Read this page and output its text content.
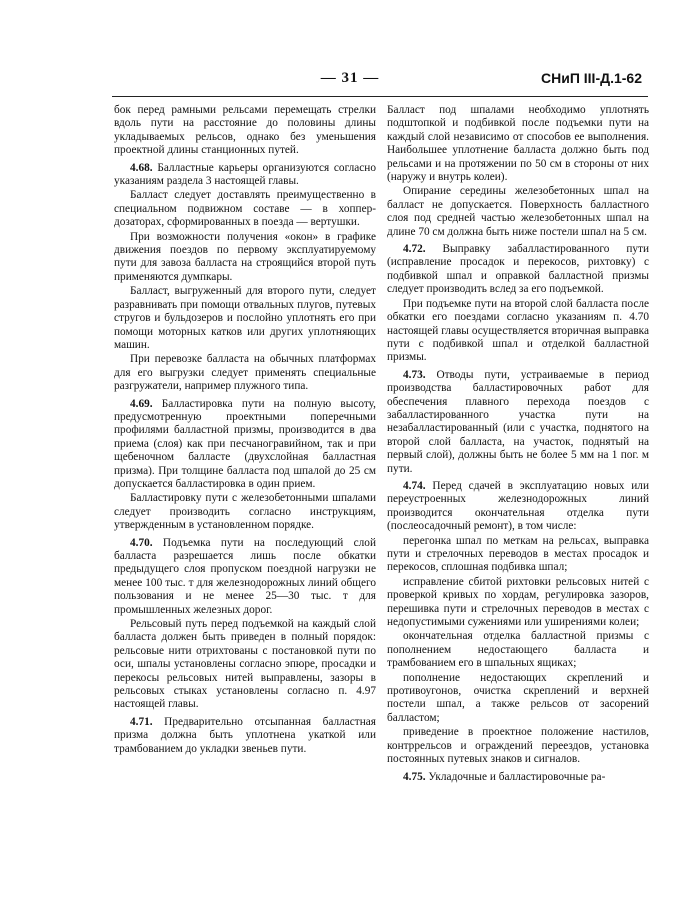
— 31 —	СНиП III-Д.1-62

бок перед рамными рельсами перемещать стрелки вдоль пути на расстояние до половины длины укладываемых рельсов, однако без уменьшения проектной длины станционных путей.

4.68. Балластные карьеры организуются согласно указаниям раздела 3 настоящей главы.

Балласт следует доставлять преимущественно в специальном подвижном составе — в хоппер-дозаторах, сформированных в поезда — вертушки.

При возможности получения «окон» в графике движения поездов по первому эксплуатируемому пути для завоза балласта на строящийся второй путь применяются думпкары.

Балласт, выгруженный для второго пути, следует разравнивать при помощи отвальных плугов, путевых стругов и бульдозеров и послойно уплотнять его при помощи моторных катков или других уплотняющих машин.

При перевозке балласта на обычных платформах для его выгрузки следует применять специальные разгружатели, например плужного типа.

4.69. Балластировка пути на полную высоту, предусмотренную проектными поперечными профилями балластной призмы, производится в два приема (слоя) как при песчаногравийном, так и при щебеночном балласте (двухслойная балластная призма). При толщине балласта под шпалой до 25 см допускается балластировка в один прием.

Балластировку пути с железобетонными шпалами следует производить согласно инструкциям, утвержденным в установленном порядке.

4.70. Подъемка пути на последующий слой балласта разрешается лишь после обкатки предыдущего слоя пропуском поездной нагрузки не менее 100 тыс. т для железнодорожных линий общего пользования и не менее 25—30 тыс. т для промышленных железных дорог.

Рельсовый путь перед подъемкой на каждый слой балласта должен быть приведен в полный порядок: рельсовые нити отрихтованы с постановкой пути по оси, шпалы установлены согласно эпюре, просадки и перекосы рельсовых нитей выправлены, зазоры в рельсовых стыках установлены согласно п. 4.97 настоящей главы.

4.71. Предварительно отсыпанная балластная призма должна быть уплотнена укаткой или трамбованием до укладки звеньев пути.

Балласт под шпалами необходимо уплотнять подштопкой и подбивкой после подъемки пути на каждый слой независимо от способов ее выполнения. Наибольшее уплотнение балласта должно быть под рельсами и на протяжении по 50 см в стороны от них (наружу и внутрь колеи).

Опирание середины железобетонных шпал на балласт не допускается. Поверхность балластного слоя под средней частью железобетонных шпал на длине 70 см должна быть ниже постели шпал на 5 см.

4.72. Выправку забалластированного пути (исправление просадок и перекосов, рихтовку) с подбивкой шпал и оправкой балластной призмы следует производить вслед за его подъемкой.

При подъемке пути на второй слой балласта после обкатки его поездами согласно указаниям п. 4.70 настоящей главы осуществляется вторичная выправка пути с подбивкой шпал и отделкой балластной призмы.

4.73. Отводы пути, устраиваемые в период производства балластировочных работ для обеспечения плавного перехода поездов с забалластированного участка пути на незабалластированный (или с участка, поднятого на второй слой балласта, на участок, поднятый на первый слой), должны быть не более 5 мм на 1 пог. м пути.

4.74. Перед сдачей в эксплуатацию новых или переустроенных железнодорожных линий производится окончательная отделка пути (послеосадочный ремонт), в том числе:

перегонка шпал по меткам на рельсах, выправка пути и стрелочных переводов в местах просадок и перекосов, сплошная подбивка шпал;

исправление сбитой рихтовки рельсовых нитей с проверкой кривых по хордам, регулировка зазоров, перешивка пути и стрелочных переводов в местах с недопустимыми сужениями или уширениями колеи;

окончательная отделка балластной призмы с пополнением недостающего балласта и трамбованием его в шпальных ящиках;

пополнение недостающих скреплений и противоугонов, очистка скреплений и верхней постели шпал, а также рельсов от засорений балластом;

приведение в проектное положение настилов, контррельсов и ограждений переездов, установка постоянных путевых знаков и сигналов.

4.75. Укладочные и балластировочные ра-
